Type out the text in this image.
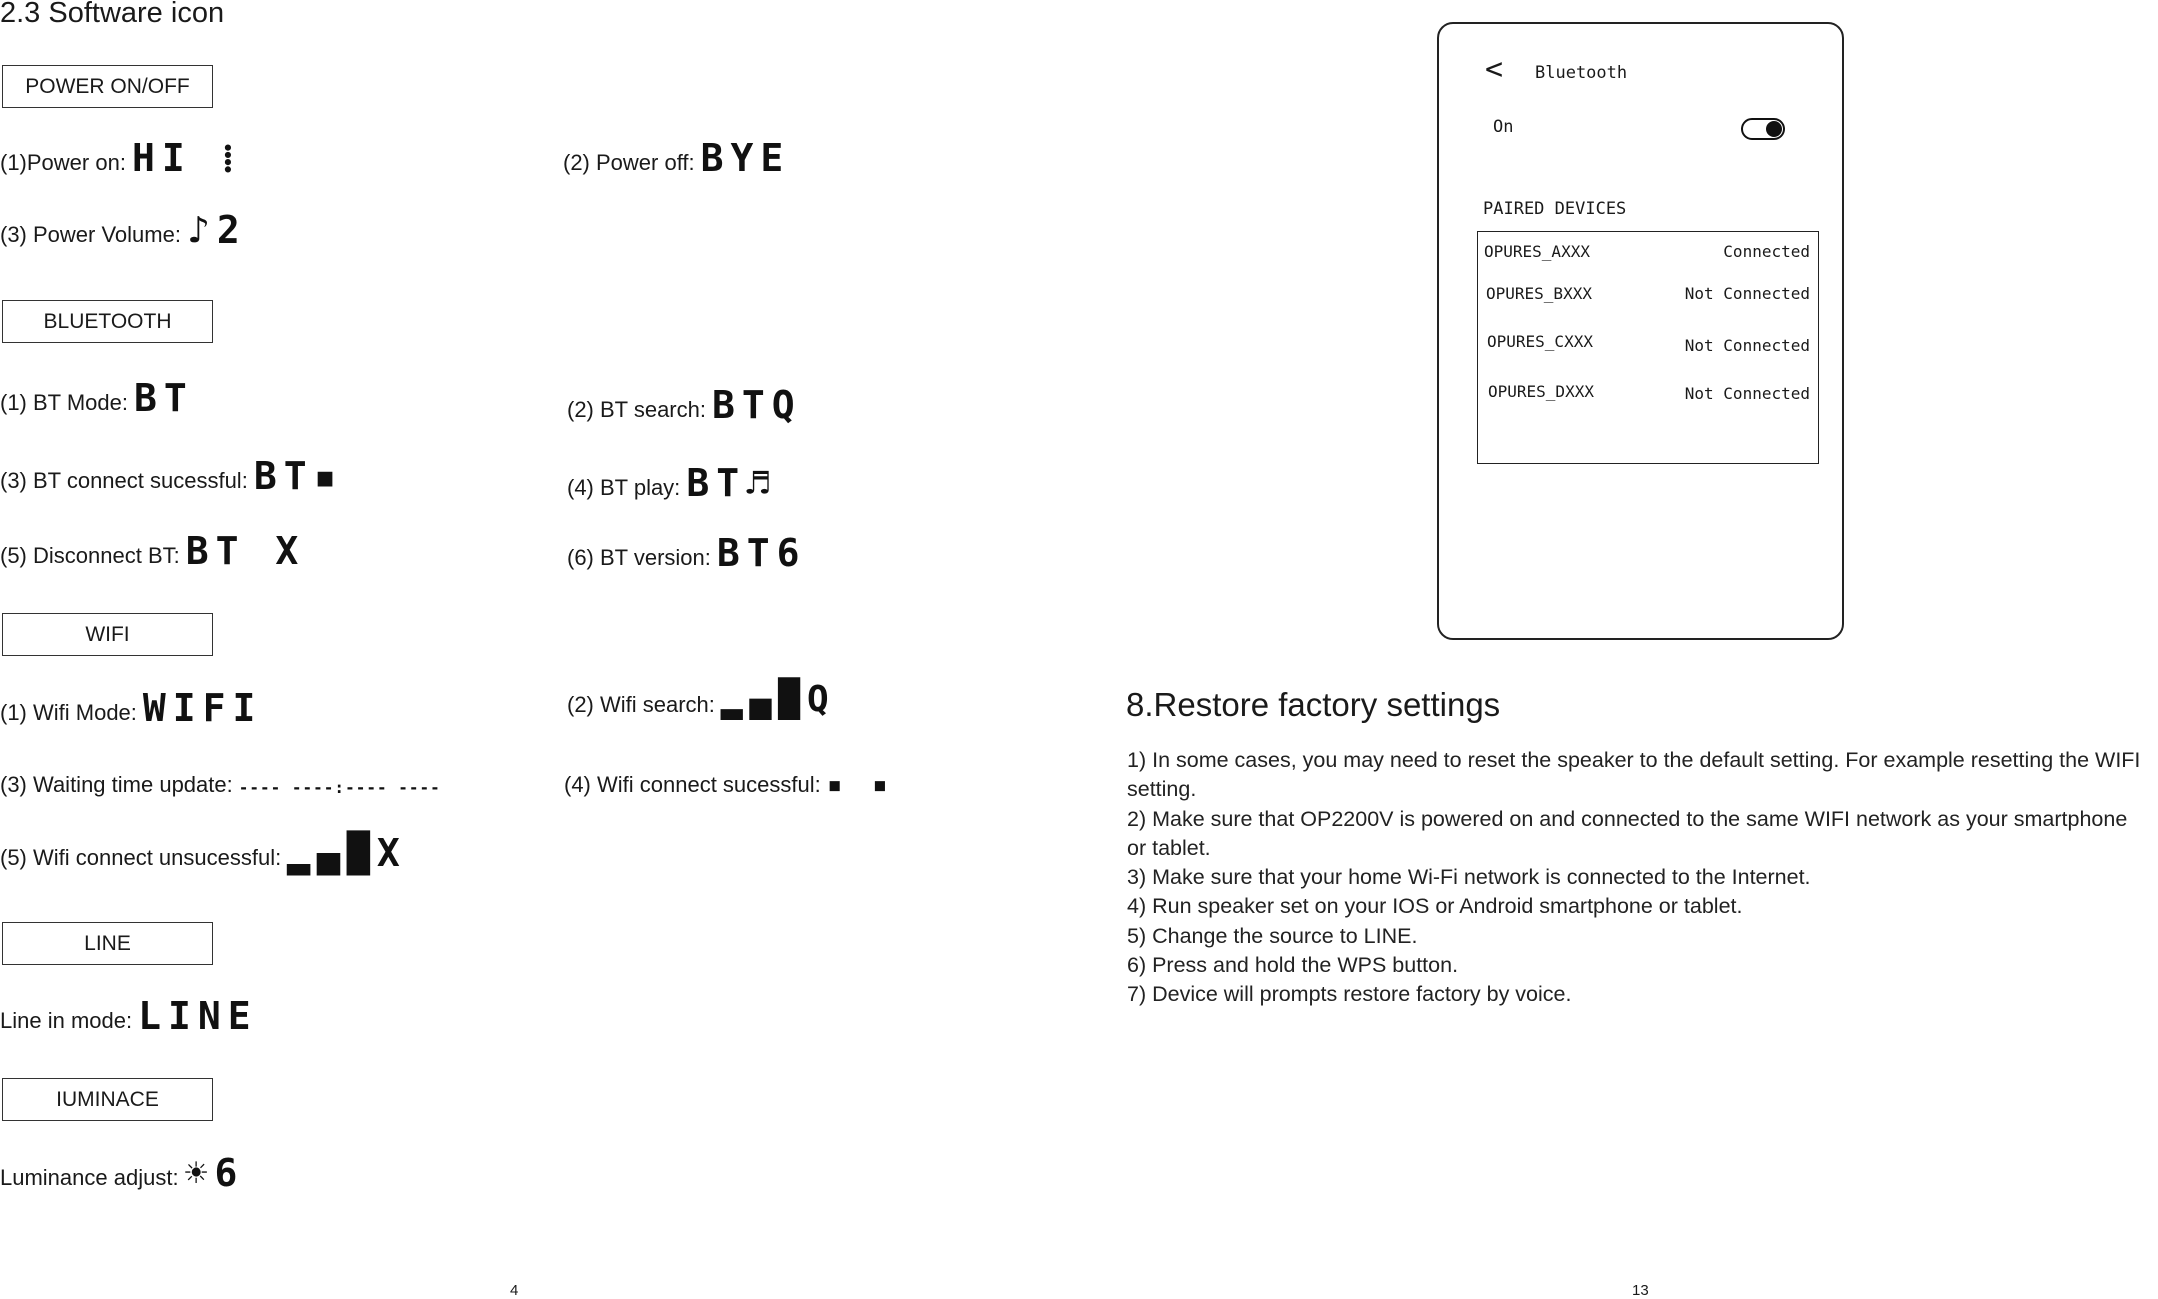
2.3 Software icon
POWER ON/OFF
(1)Power on: HI ⁞	(2) Power off: BYE
(3) Power Volume: ♪2
BLUETOOTH
(1) BT Mode: BT	(2) BT search: BTQ
(3) BT connect sucessful: BT▪	(4) BT play: BT♬
(5) Disconnect BT: BT X	(6) BT version: BT6
WIFI
(1) Wifi Mode: WIFI	(2) Wifi search: ▂▄█Q
(3) Waiting time update: ---- ----:---- ----	(4) Wifi connect sucessful: ▪ ▪
(5) Wifi connect unsucessful: ▂▄█X
LINE
Line in mode: LINE
IUMINACE
Luminance adjust: ☀6
4
< Bluetooth
On
PAIRED DEVICES
OPURES_AXXX	Connected
OPURES_BXXX	Not Connected
OPURES_CXXX	Not Connected
OPURES_DXXX	Not Connected
8.Restore factory settings
1) In some cases, you may need to reset the speaker to the default setting. For example resetting the WIFI
setting.
2) Make sure that OP2200V is powered on and connected to the same WIFI network as your smartphone
or tablet.
3) Make sure that your home Wi-Fi network is connected to the Internet.
4) Run speaker set on your IOS or Android smartphone or tablet.
5) Change the source to LINE.
6) Press and hold the WPS button.
7) Device will prompts restore factory by voice.
13
